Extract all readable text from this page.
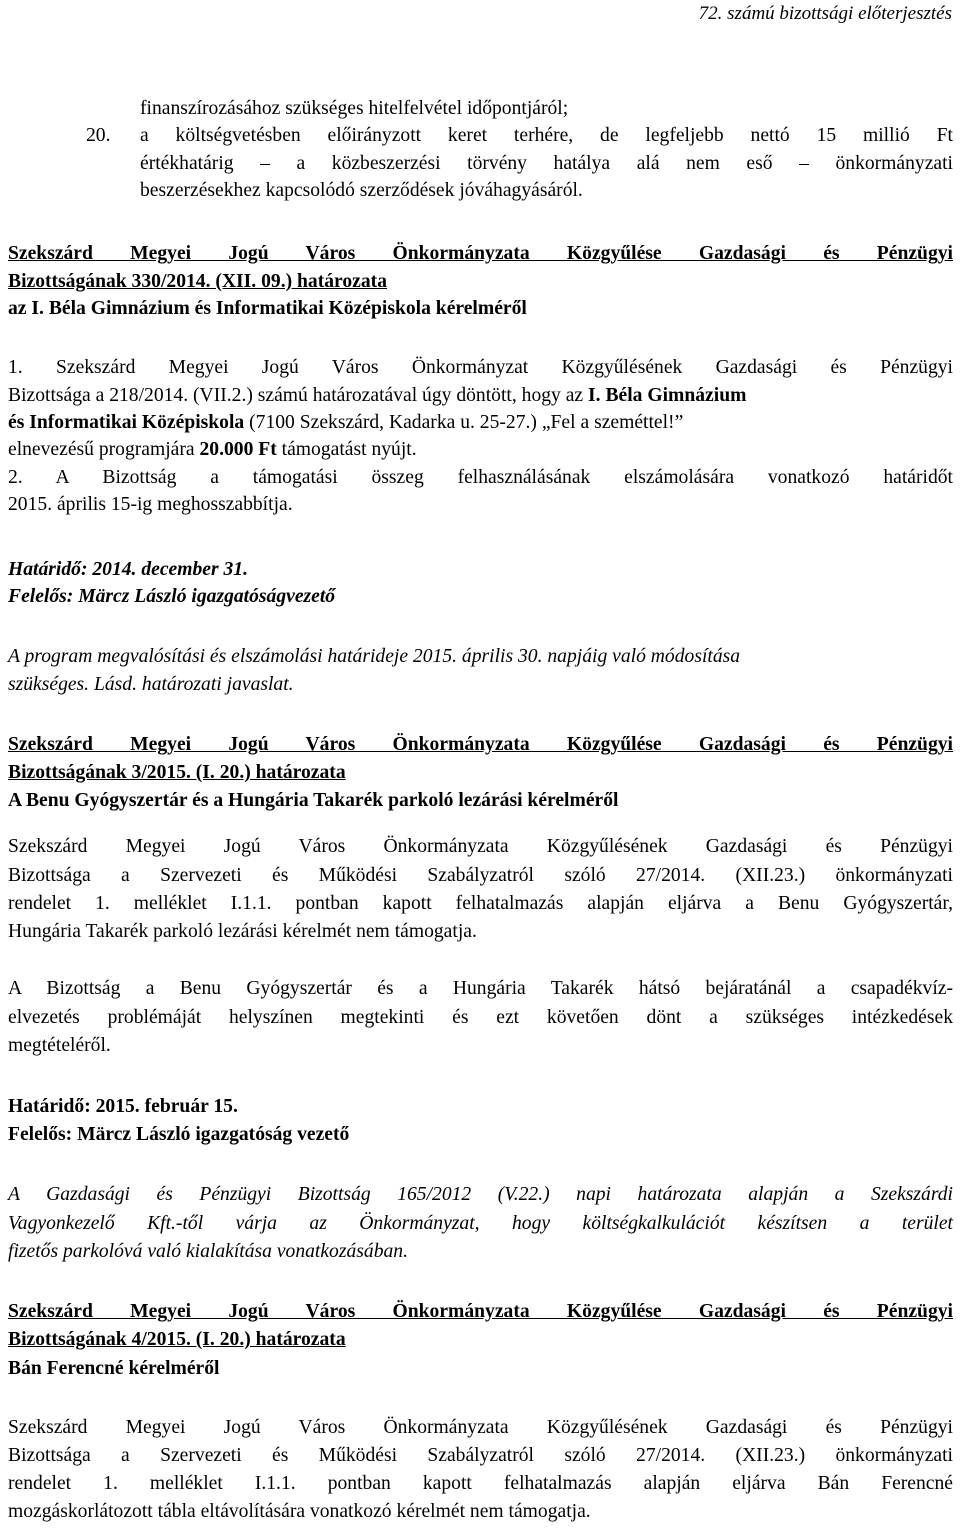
72. számú bizottsági előterjesztés
finanszírozásához szükséges hitelfelvétel időpontjáról;
20.	a költségvetésben előirányzott keret terhére, de legfeljebb nettó 15 millió Ft
értékhatárig – a közbeszerzési törvény hatálya alá nem eső – önkormányzati
beszerzésekhez kapcsolódó szerződések jóváhagyásáról.
Szekszárd Megyei Jogú Város Önkormányzata Közgyűlése Gazdasági és Pénzügyi
Bizottságának 330/2014. (XII. 09.) határozata
az I. Béla Gimnázium és Informatikai Középiskola kérelméről
1. Szekszárd Megyei Jogú Város Önkormányzat Közgyűlésének Gazdasági és Pénzügyi
Bizottsága a 218/2014. (VII.2.) számú határozatával úgy döntött, hogy az I. Béla Gimnázium
és Informatikai Középiskola (7100 Szekszárd, Kadarka u. 25-27.) „Fel a szeméttel!”
elnevezésű programjára 20.000 Ft támogatást nyújt.
2. A Bizottság a támogatási összeg felhasználásának elszámolására vonatkozó határidőt
2015. április 15-ig meghosszabbítja.
Határidő: 2014. december 31.
Felelős: Märcz László igazgatóságvezető
A program megvalósítási és elszámolási határideje 2015. április 30. napjáig való módosítása
szükséges. Lásd. határozati javaslat.
Szekszárd Megyei Jogú Város Önkormányzata Közgyűlése Gazdasági és Pénzügyi
Bizottságának 3/2015. (I. 20.) határozata
A Benu Gyógyszertár és a Hungária Takarék parkoló lezárási kérelméről
Szekszárd Megyei Jogú Város Önkormányzata Közgyűlésének Gazdasági és Pénzügyi
Bizottsága a Szervezeti és Működési Szabályzatról szóló 27/2014. (XII.23.) önkormányzati
rendelet 1. melléklet I.1.1. pontban kapott felhatalmazás alapján eljárva a Benu Gyógyszertár,
Hungária Takarék parkoló lezárási kérelmét nem támogatja.
A Bizottság a Benu Gyógyszertár és a Hungária Takarék hátsó bejáratánál a csapadékvíz-
elvezetés problémáját helyszínen megtekinti és ezt követően dönt a szükséges intézkedések
megtételéről.
Határidő: 2015. február 15.
Felelős: Märcz László igazgatóság vezető
A Gazdasági és Pénzügyi Bizottság 165/2012 (V.22.) napi határozata alapján a Szekszárdi
Vagyonkezelő Kft.-től várja az Önkormányzat, hogy költségkalkulációt készítsen a terület
fizetős parkolóvá való kialakítása vonatkozásában.
Szekszárd Megyei Jogú Város Önkormányzata Közgyűlése Gazdasági és Pénzügyi
Bizottságának 4/2015. (I. 20.) határozata
Bán Ferencné kérelméről
Szekszárd Megyei Jogú Város Önkormányzata Közgyűlésének Gazdasági és Pénzügyi
Bizottsága a Szervezeti és Működési Szabályzatról szóló 27/2014. (XII.23.) önkormányzati
rendelet 1. melléklet I.1.1. pontban kapott felhatalmazás alapján eljárva Bán Ferencné
mozgáskorlátozott tábla eltávolítására vonatkozó kérelmét nem támogatja.
